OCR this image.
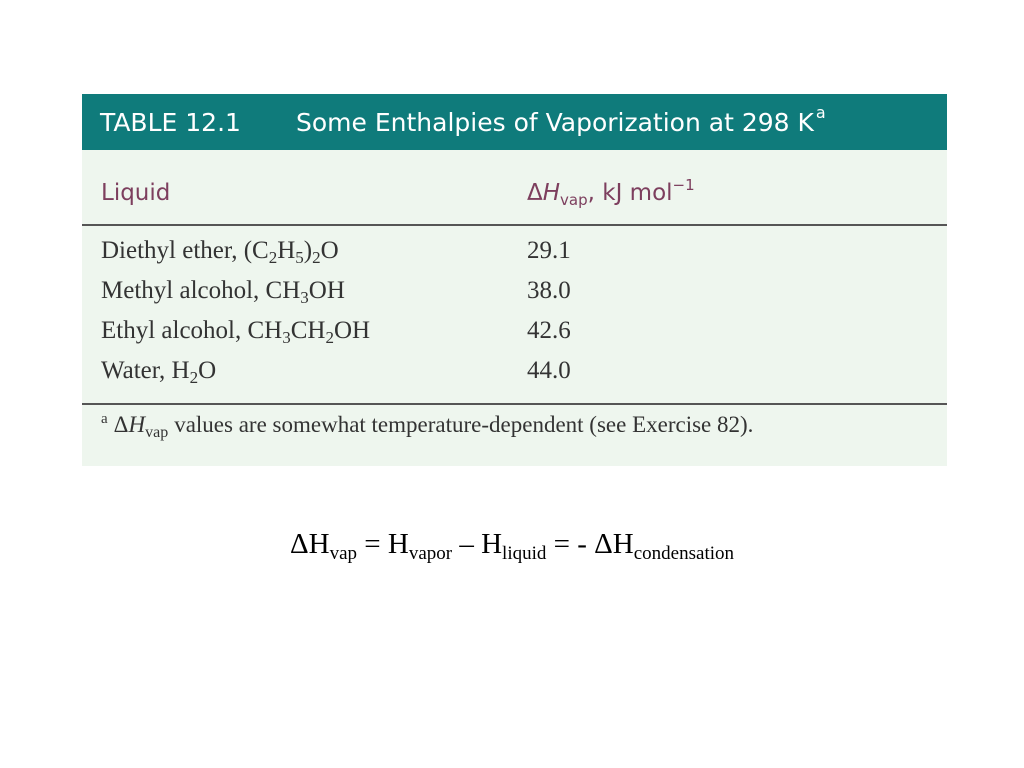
TABLE 12.1	Some Enthalpies of Vaporization at 298 K a
Liquid	$\Delta H_{vap}$, kJ mol$^{-1}$
Diethyl ether, $(C_2H_5)_2O$	29.1
Methyl alcohol, $CH_3OH$	38.0
Ethyl alcohol, $CH_3CH_2OH$	42.6
Water, $H_2O$	44.0
$^a$ $\Delta H_{vap}$ values are somewhat temperature-dependent (see Exercise 82).
$\Delta H_{vap} = H_{vapor} - H_{liquid}$ = - $\Delta H_{condensation}$
